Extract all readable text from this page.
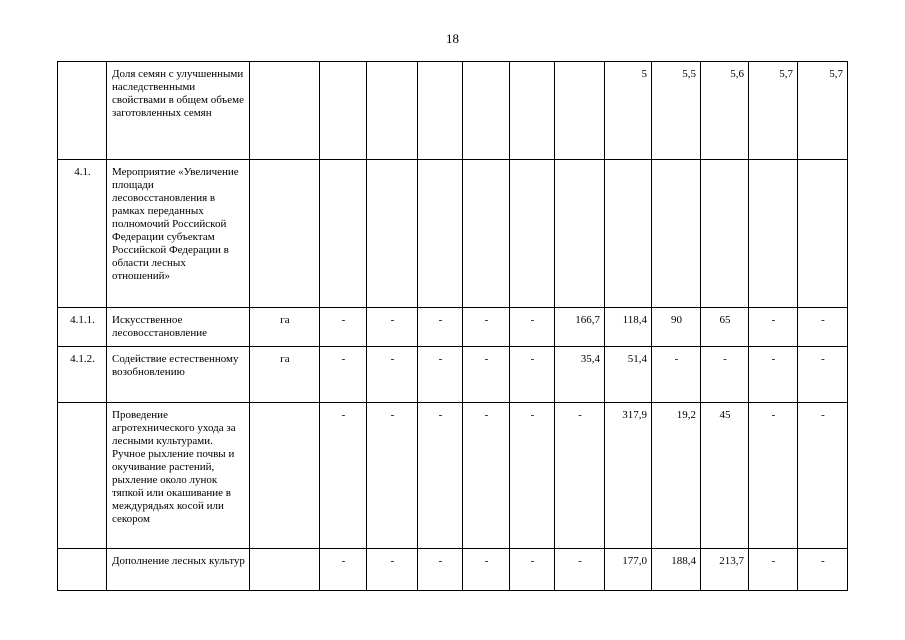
18
	Доля семян с улучшенными наследственными свойствами в общем объеме заготовленных семян								5	5,5	5,6	5,7	5,7
4.1.	Мероприятие «Увеличение площади лесовосстановления в рамках переданных полномочий Российской Федерации субъектам Российской Федерации в области лесных отношений»												
4.1.1.	Искусственное лесовосстановление	га	-	-	-	-	-	166,7	118,4	90	65	-	-
4.1.2.	Содействие естественному возобновлению	га	-	-	-	-	-	35,4	51,4	-	-	-	-
	Проведение агротехнического ухода за лесными культурами. Ручное рыхление почвы и окучивание растений, рыхление около лунок тяпкой или окашивание в междурядьях косой или секором		-	-	-	-	-	-	317,9	19,2	45	-	-
	Дополнение лесных культур		-	-	-	-	-	-	177,0	188,4	213,7	-	-
